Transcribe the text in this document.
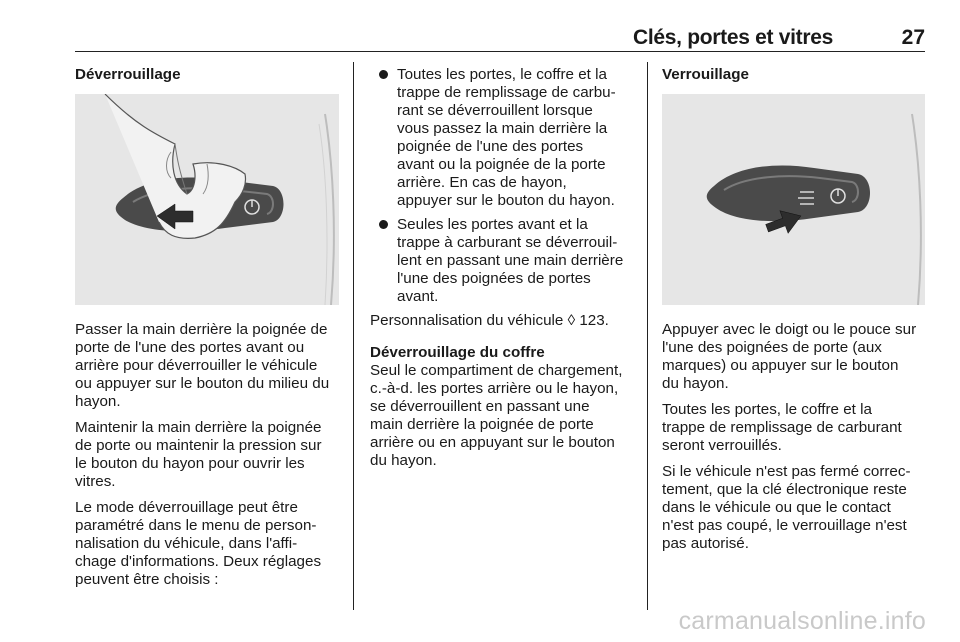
Clés, portes et vitres	27
Déverrouillage

Passer la main derrière la poignée de
porte de l'une des portes avant ou
arrière pour déverrouiller le véhicule
ou appuyer sur le bouton du milieu du
hayon.

Maintenir la main derrière la poignée
de porte ou maintenir la pression sur
le bouton du hayon pour ouvrir les
vitres.

Le mode déverrouillage peut être
paramétré dans le menu de person-
nalisation du véhicule, dans l'affi-
chage d'informations. Deux réglages
peuvent être choisis :

Toutes les portes, le coffre et la
trappe de remplissage de carbu-
rant se déverrouillent lorsque
vous passez la main derrière la
poignée de l'une des portes
avant ou la poignée de la porte
arrière. En cas de hayon,
appuyer sur le bouton du hayon.
Seules les portes avant et la
trappe à carburant se déverrouil-
lent en passant une main derrière
l'une des poignées de portes
avant.

Personnalisation du véhicule ◊ 123.

Déverrouillage du coffre

Seul le compartiment de chargement,
c.-à-d. les portes arrière ou le hayon,
se déverrouillent en passant une
main derrière la poignée de porte
arrière ou en appuyant sur le bouton
du hayon.

Verrouillage

Appuyer avec le doigt ou le pouce sur
l'une des poignées de porte (aux
marques) ou appuyer sur le bouton
du hayon.

Toutes les portes, le coffre et la
trappe de remplissage de carburant
seront verrouillés.

Si le véhicule n'est pas fermé correc-
tement, que la clé électronique reste
dans le véhicule ou que le contact
n'est pas coupé, le verrouillage n'est
pas autorisé.

carmanualsonline.info
